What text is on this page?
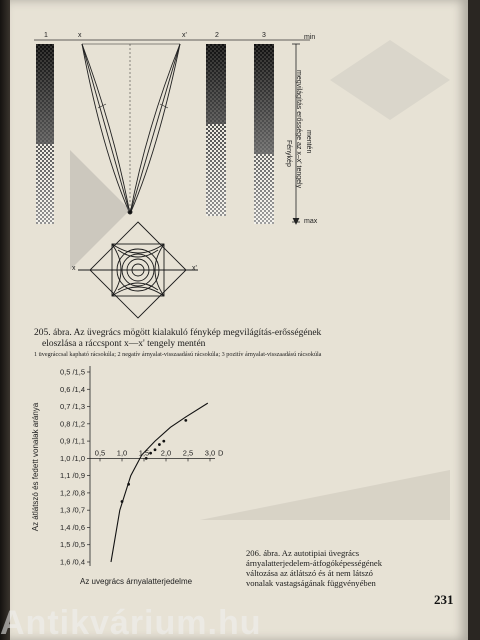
1	x	x'	2	3	min
max
Fénykép megvilágítás erőssége az x–x' tengely mentén
x	x'
205. ábra. Az üvegrács mögött kialakuló fénykép megvilágítás-erősségének
eloszlása a ráccspont x—x' tengely mentén
1 üvegráccsal kapható rácsokúla; 2 negatív árnyalat-visszaadású rácsokúla; 3 pozitív árnyalat-visszaadású rácsokúla
0,5 /1,5
0,6 /1,4
0,7 /1,3
0,8 /1,2
0,9 /1,1
1,0 /1,0
1,1 /0,9
1,2 /0,8
1,3 /0,7
1,4 /0,6
1,5 /0,5
1,6 /0,4
0,5 1,0 1,5 2,0 2,5 3,0 D
Az átlátszó és fedett vonalak aránya
Az uvegrács árnyalatterjedelme
206. ábra. Az autotipiai üvegrács
árnyalatterjedelem-átfogóképességének
változása az átlátszó és át nem látszó
vonalak vastagságának függvényében
231
Antikvárium.hu
